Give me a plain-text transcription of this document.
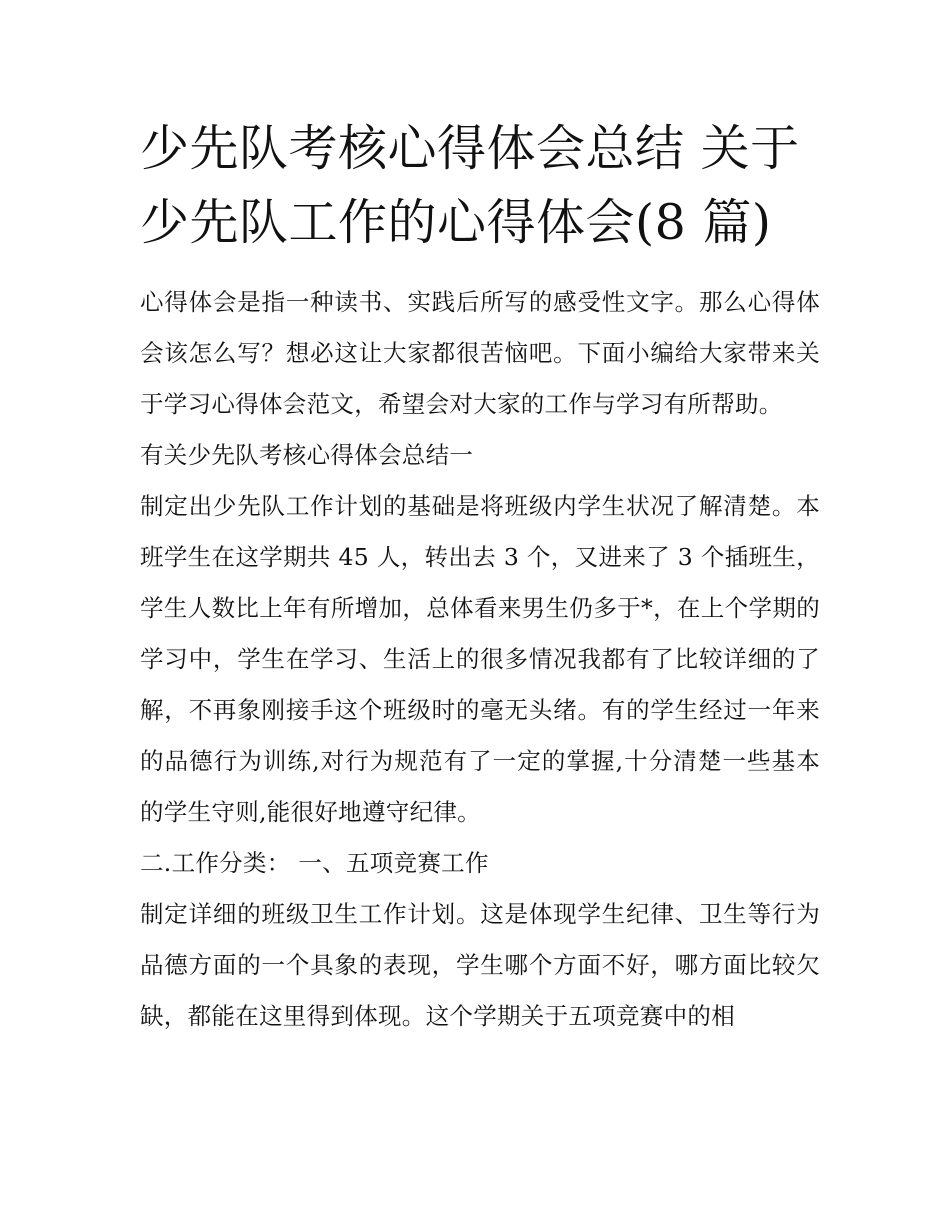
少先队考核心得体会总结 关于
少先队工作的心得体会(8 篇)

心得体会是指一种读书、实践后所写的感受性文字。那么心得体会该怎么写？想必这让大家都很苦恼吧。下面小编给大家带来关于学习心得体会范文，希望会对大家的工作与学习有所帮助。

有关少先队考核心得体会总结一

制定出少先队工作计划的基础是将班级内学生状况了解清楚。本班学生在这学期共 45 人，转出去 3 个，又进来了 3 个插班生，学生人数比上年有所增加，总体看来男生仍多于*，在上个学期的学习中，学生在学习、生活上的很多情况我都有了比较详细的了解，不再象刚接手这个班级时的毫无头绪。有的学生经过一年来的品德行为训练,对行为规范有了一定的掌握,十分清楚一些基本的学生守则,能很好地遵守纪律。

二.工作分类： 一、五项竞赛工作

制定详细的班级卫生工作计划。这是体现学生纪律、卫生等行为品德方面的一个具象的表现，学生哪个方面不好，哪方面比较欠缺，都能在这里得到体现。这个学期关于五项竞赛中的相
